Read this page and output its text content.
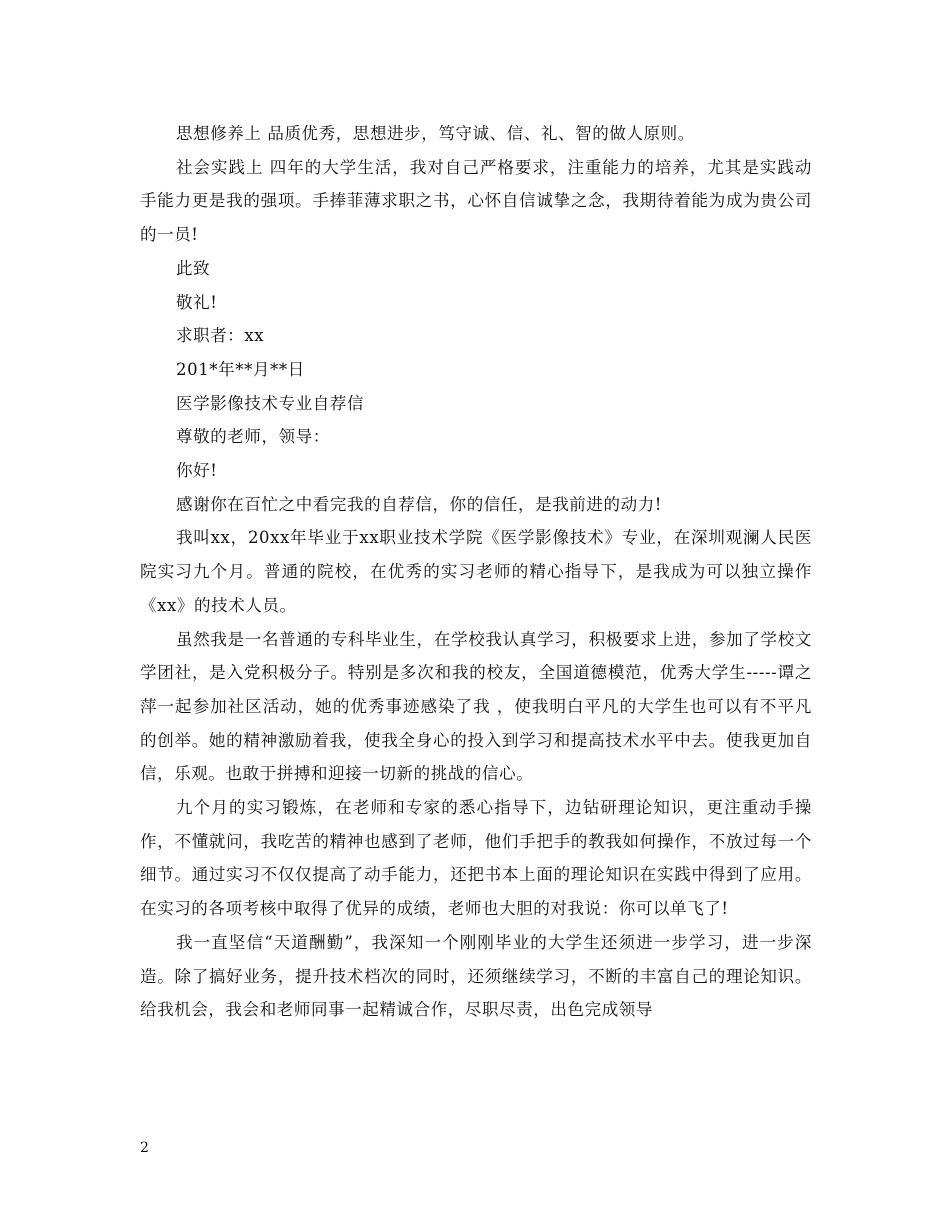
思想修养上 品质优秀，思想进步，笃守诚、信、礼、智的做人原则。

社会实践上 四年的大学生活，我对自己严格要求，注重能力的培养，尤其是实践动手能力更是我的强项。手捧菲薄求职之书，心怀自信诚挚之念，我期待着能为成为贵公司的一员!

此致

敬礼!

求职者：xx

201*年**月**日

医学影像技术专业自荐信

尊敬的老师，领导：

你好!

感谢你在百忙之中看完我的自荐信，你的信任，是我前进的动力!

我叫xx，20xx年毕业于xx职业技术学院《医学影像技术》专业，在深圳观澜人民医院实习九个月。普通的院校，在优秀的实习老师的精心指导下，是我成为可以独立操作《xx》的技术人员。

虽然我是一名普通的专科毕业生，在学校我认真学习，积极要求上进，参加了学校文学团社，是入党积极分子。特别是多次和我的校友，全国道德模范，优秀大学生-----谭之萍一起参加社区活动，她的优秀事迹感染了我 ，使我明白平凡的大学生也可以有不平凡的创举。她的精神激励着我，使我全身心的投入到学习和提高技术水平中去。使我更加自信，乐观。也敢于拼搏和迎接一切新的挑战的信心。

九个月的实习锻炼，在老师和专家的悉心指导下，边钻研理论知识，更注重动手操作，不懂就问，我吃苦的精神也感到了老师，他们手把手的教我如何操作，不放过每一个细节。通过实习不仅仅提高了动手能力，还把书本上面的理论知识在实践中得到了应用。在实习的各项考核中取得了优异的成绩，老师也大胆的对我说：你可以单飞了!

我一直坚信“天道酬勤”，我深知一个刚刚毕业的大学生还须进一步学习，进一步深造。除了搞好业务，提升技术档次的同时，还须继续学习，不断的丰富自己的理论知识。给我机会，我会和老师同事一起精诚合作，尽职尽责，出色完成领导

2
